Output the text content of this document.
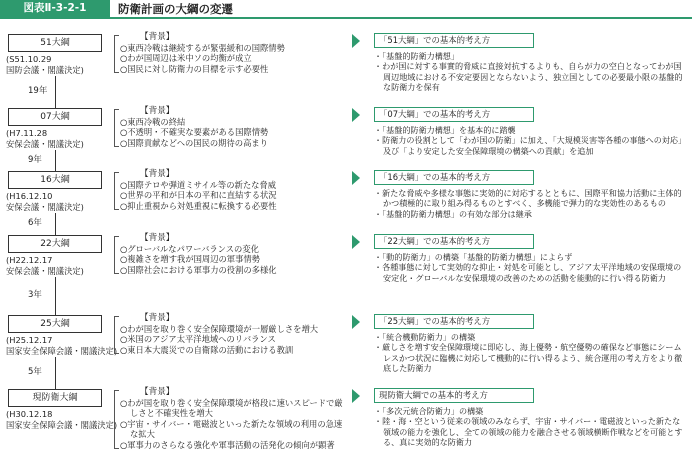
図表Ⅱ-3-2-1	防衛計画の大綱の変遷
51大綱
(S51.10.29
国防会議・閣議決定)
19年
【背景】
○東西冷戦は継続するが緊張緩和の国際情勢
○わが国周辺は米中ソの均衡が成立
○国民に対し防衛力の目標を示す必要性
「51大綱」での基本的考え方
・「基盤的防衛力構想」
・わが国に対する事實的脅威に直接対抗するよりも、自らが力の空白となってわが国周辺地域における不安定要因とならないよう、独立国としての必要最小限の基盤的な防衛力を保有
07大綱
(H7.11.28
安保会議・閣議決定)
9年
【背景】
○東西冷戦の終結
○不透明・不確実な要素がある国際情勢
○国際貢献などへの国民の期待の高まり
「07大綱」での基本的考え方
・「基盤的防衛力構想」を基本的に踏襲
・防衛力の役割として「わが国の防衛」に加え、「大規模災害等各種の事態への対応」及び「より安定した安全保障環境の構築への貢献」を追加
16大綱
(H16.12.10
安保会議・閣議決定)
6年
【背景】
○国際テロや弾道ミサイル等の新たな脅威
○世界の平和が日本の平和に直結する状況
○抑止重視から対処重視に転換する必要性
「16大綱」での基本的考え方
・新たな脅威や多様な事態に実効的に対応するとともに、国際平和協力活動に主体的かつ積極的に取り組み得るものとすべく、多機能で弾力的な実効性のあるもの
・「基盤的防衛力構想」の有効な部分は継承
22大綱
(H22.12.17
安保会議・閣議決定)
3年
【背景】
○グローバルなパワーバランスの変化
○複雑さを増す我が国周辺の軍事情勢
○国際社会における軍事力の役割の多様化
「22大綱」での基本的考え方
・「動的防衛力」の構築「基盤的防衛力構想」によらず
・各種事態に対して実効的な抑止・対処を可能とし、アジア太平洋地域の安保環境の安定化・グローバルな安保環境の改善のための活動を能動的に行い得る防衛力
25大綱
(H25.12.17
国家安全保障会議・閣議決定)
5年
【背景】
○わが国を取り巻く安全保障環境が一層厳しさを増大
○米国のアジア太平洋地域へのリバランス
○東日本大震災での自衛隊の活動における教訓
「25大綱」での基本的考え方
・「統合機動防衛力」の構築
・厳しさを増す安全保障環境に即応し、海上優勢・航空優勢の確保など事態にシームレスかつ状況に臨機に対応して機動的に行い得るよう、統合運用の考え方をより徹底した防衛力
現防衛大綱
(H30.12.18
国家安全保障会議・閣議決定)
【背景】
○わが国を取り巻く安全保障環境が格段に速いスピードで厳しさと不確実性を増大
○宇宙・サイバー・電磁波といった新たな領域の利用の急速な拡大
○軍事力のさらなる強化や軍事活動の活発化の傾向が顕著
現防衛大綱での基本的考え方
・「多次元統合防衛力」の構築
・陸・海・空という従来の領域のみならず、宇宙・サイバー・電磁波といった新たな領域の能力を強化し、全ての領域の能力を融合させる領域横断作戦などを可能とする、真に実効的な防衛力
